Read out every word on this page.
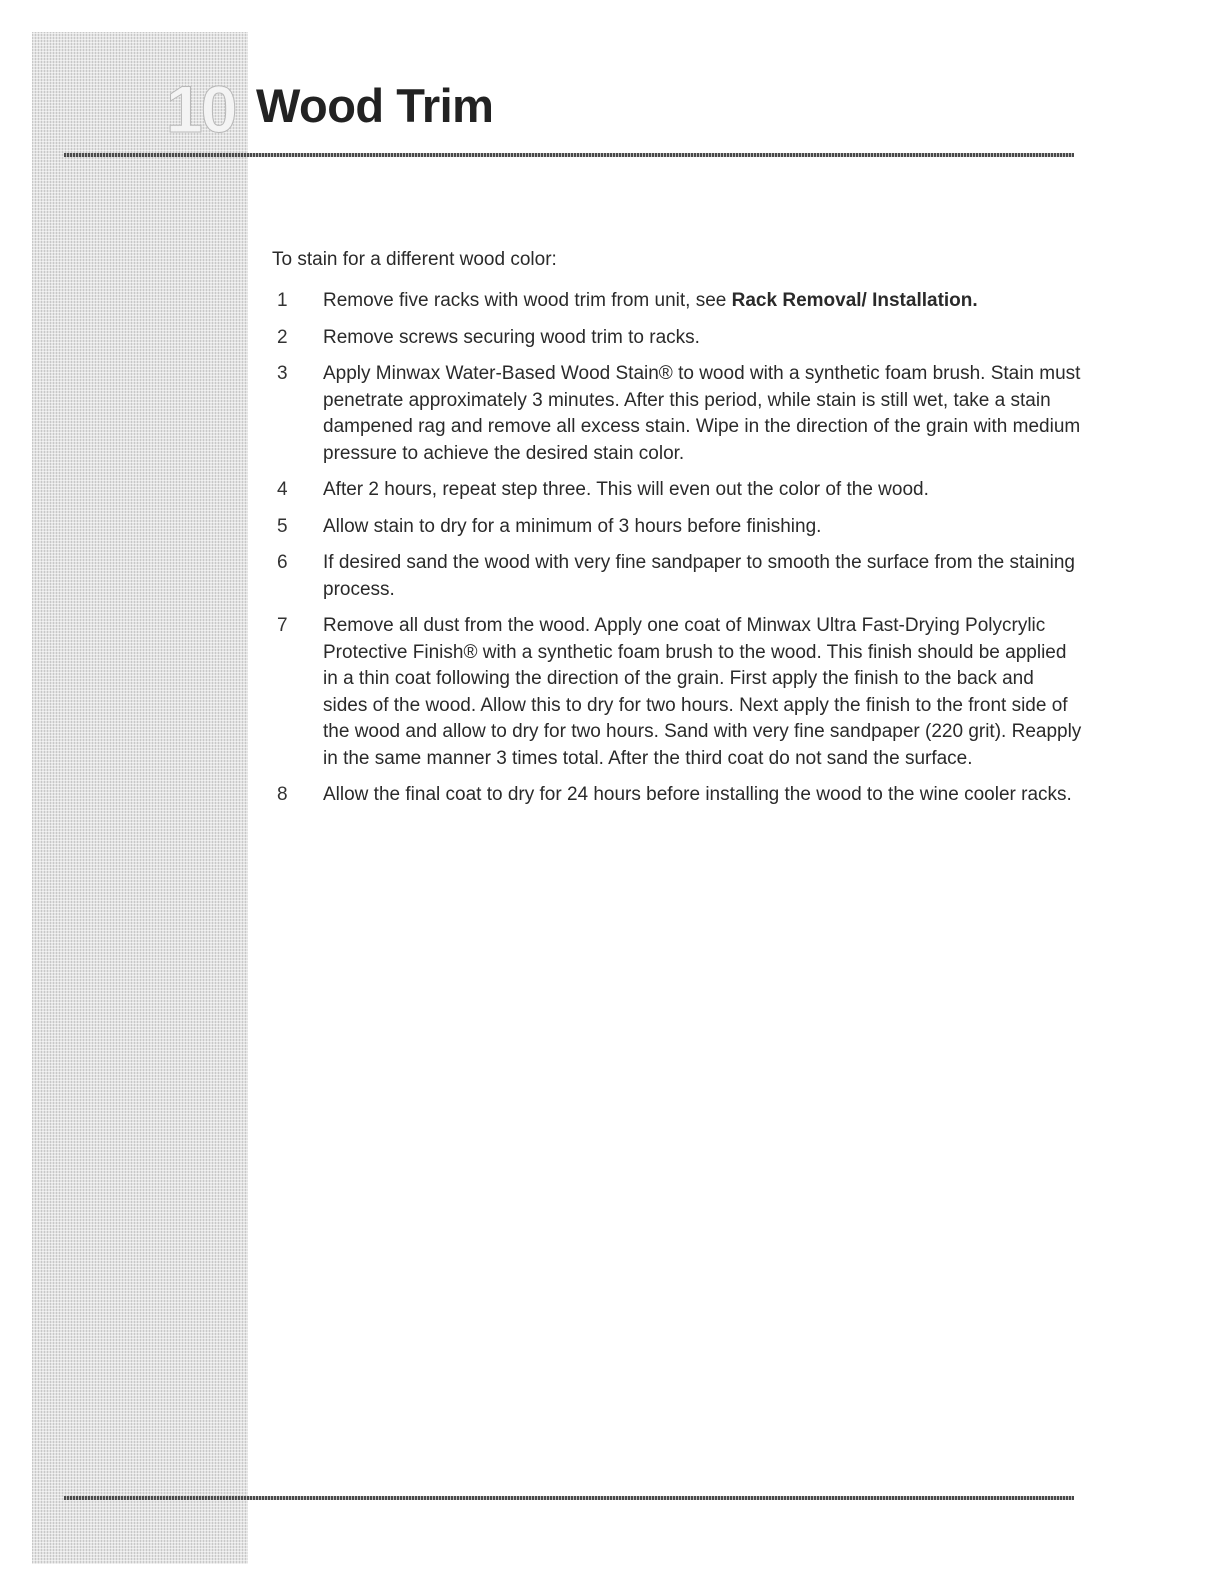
10 Wood Trim

To stain for a different wood color:

1	Remove five racks with wood trim from unit, see Rack Removal/ Installation.
2	Remove screws securing wood trim to racks.
3	Apply Minwax Water-Based Wood Stain® to wood with a synthetic foam brush. Stain must penetrate approximately 3 minutes. After this period, while stain is still wet, take a stain dampened rag and remove all excess stain. Wipe in the direction of the grain with medium pressure to achieve the desired stain color.
4	After 2 hours, repeat step three. This will even out the color of the wood.
5	Allow stain to dry for a minimum of 3 hours before finishing.
6	If desired sand the wood with very fine sandpaper to smooth the surface from the staining process.
7	Remove all dust from the wood. Apply one coat of Minwax Ultra Fast-Drying Polycrylic Protective Finish® with a synthetic foam brush to the wood. This finish should be applied in a thin coat following the direction of the grain. First apply the finish to the back and sides of the wood. Allow this to dry for two hours. Next apply the finish to the front side of the wood and allow to dry for two hours. Sand with very fine sandpaper (220 grit). Reapply in the same manner 3 times total. After the third coat do not sand the surface.
8	Allow the final coat to dry for 24 hours before installing the wood to the wine cooler racks.
